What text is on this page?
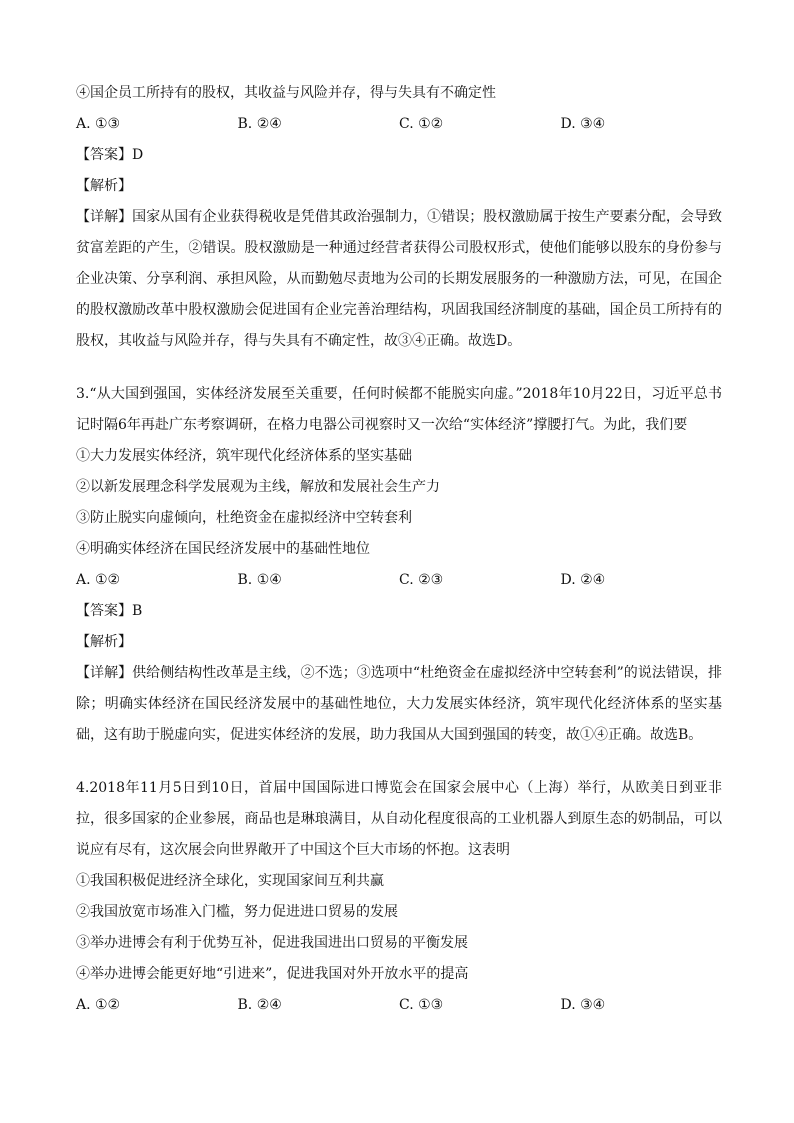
④国企员工所持有的股权，其收益与风险并存，得与失具有不确定性
A. ①③	B. ②④	C. ①②	D. ③④
【答案】D
【解析】
【详解】国家从国有企业获得税收是凭借其政治强制力，①错误；股权激励属于按生产要素分配，会导致贫富差距的产生，②错误。股权激励是一种通过经营者获得公司股权形式，使他们能够以股东的身份参与企业决策、分享利润、承担风险，从而勤勉尽责地为公司的长期发展服务的一种激励方法，可见，在国企的股权激励改革中股权激励会促进国有企业完善治理结构，巩固我国经济制度的基础，国企员工所持有的股权，其收益与风险并存，得与失具有不确定性，故③④正确。故选D。
3.“从大国到强国，实体经济发展至关重要，任何时候都不能脱实向虚。”2018年10月22日，习近平总书记时隔6年再赴广东考察调研，在格力电器公司视察时又一次给“实体经济”撑腰打气。为此，我们要
①大力发展实体经济，筑牢现代化经济体系的坚实基础
②以新发展理念科学发展观为主线，解放和发展社会生产力
③防止脱实向虚倾向，杜绝资金在虚拟经济中空转套利
④明确实体经济在国民经济发展中的基础性地位
A. ①②	B. ①④	C. ②③	D. ②④
【答案】B
【解析】
【详解】供给侧结构性改革是主线，②不选；③选项中“杜绝资金在虚拟经济中空转套利”的说法错误，排除；明确实体经济在国民经济发展中的基础性地位，大力发展实体经济，筑牢现代化经济体系的坚实基础，这有助于脱虚向实，促进实体经济的发展，助力我国从大国到强国的转变，故①④正确。故选B。
4.2018年11月5日到10日，首届中国国际进口博览会在国家会展中心（上海）举行，从欧美日到亚非拉，很多国家的企业参展，商品也是琳琅满目，从自动化程度很高的工业机器人到原生态的奶制品，可以说应有尽有，这次展会向世界敞开了中国这个巨大市场的怀抱。这表明
①我国积极促进经济全球化，实现国家间互利共赢
②我国放宽市场准入门槛，努力促进进口贸易的发展
③举办进博会有利于优势互补，促进我国进出口贸易的平衡发展
④举办进博会能更好地“引进来”，促进我国对外开放水平的提高
A. ①②	B. ②④	C. ①③	D. ③④
